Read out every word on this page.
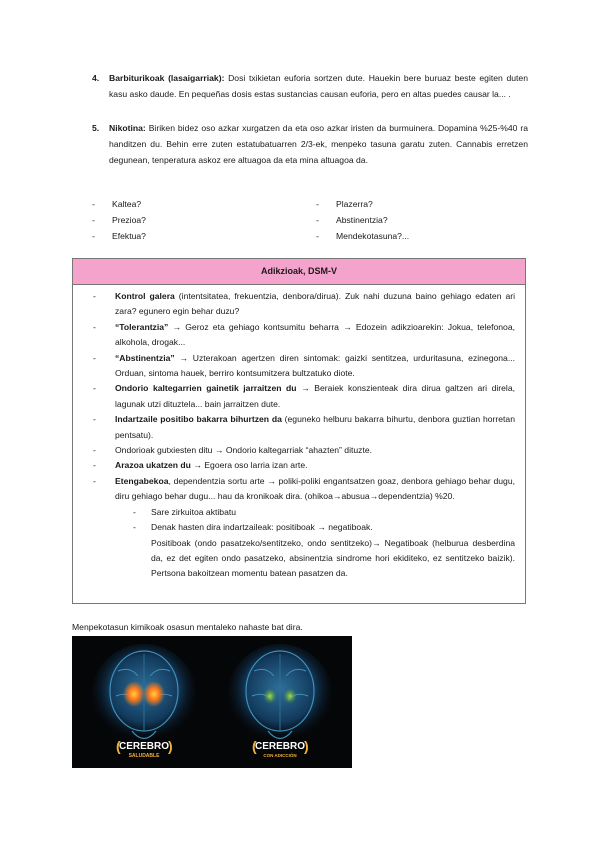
4. Barbiturikoak (lasaigarriak): Dosi txikietan euforia sortzen dute. Hauekin bere buruaz beste egiten duten kasu asko daude. En pequeñas dosis estas sustancias causan euforia, pero en altas puedes causar la... .
5. Nikotina: Biriken bidez oso azkar xurgatzen da eta oso azkar iristen da burmuinera. Dopamina %25-%40 ra handitzen du. Behin erre zuten estatubatuarren 2/3-ek, menpeko tasuna garatu zuten. Cannabis erretzen degunean, tenperatura askoz ere altuagoa da eta mina altuagoa da.
-	Kaltea?
-	Prezioa?
-	Efektua?
-	Plazerra?
-	Abstinentzia?
-	Mendekotasuna?...
Adikzioak, DSM-V
-	Kontrol galera (intentsitatea, frekuentzia, denbora/dirua). Zuk nahi duzuna baino gehiago edaten ari zara? egunero egin behar duzu?
-	“Tolerantzia” → Geroz eta gehiago kontsumitu beharra → Edozein adikzioarekin: Jokua, telefonoa, alkohola, drogak...
-	“Abstinentzia” → Uzterakoan agertzen diren sintomak: gaizki sentitzea, urduritasuna, ezinegona... Orduan, sintoma hauek, berriro kontsumitzera bultzatuko diote.
-	Ondorio kaltegarrien gainetik jarraitzen du → Beraiek konszienteak dira dirua galtzen ari direla, lagunak utzi dituztela... bain jarraitzen dute.
-	Indartzaile positibo bakarra bihurtzen da (eguneko helburu bakarra bihurtu, denbora guztian horretan pentsatu).
-	Ondorioak gutxiesten ditu → Ondorio kaltegarriak “ahazten” dituzte.
-	Arazoa ukatzen du → Egoera oso larria izan arte.
-	Etengabekoa, dependentzia sortu arte → poliki-poliki engantsatzen goaz, denbora gehiago behar dugu, diru gehiago behar dugu... hau da kronikoak dira. (ohikoa→abusua→dependentzia) %20.
-	Sare zirkuitoa aktibatu
-	Denak hasten dira indartzaileak: positiboak → negatiboak.
Positiboak (ondo pasatzeko/sentitzeko, ondo sentitzeko)→ Negatiboak (helburua desberdina da, ez det egiten ondo pasatzeko, absinentzia sindrome hori ekiditeko, ez sentitzeko baizik). Pertsona bakoitzean momentu batean pasatzen da.
Menpekotasun kimikoak osasun mentaleko nahaste bat dira.
(	)
CEREBRO
SALUDABLE
(	)
CEREBRO
CON ADICCIÓN
